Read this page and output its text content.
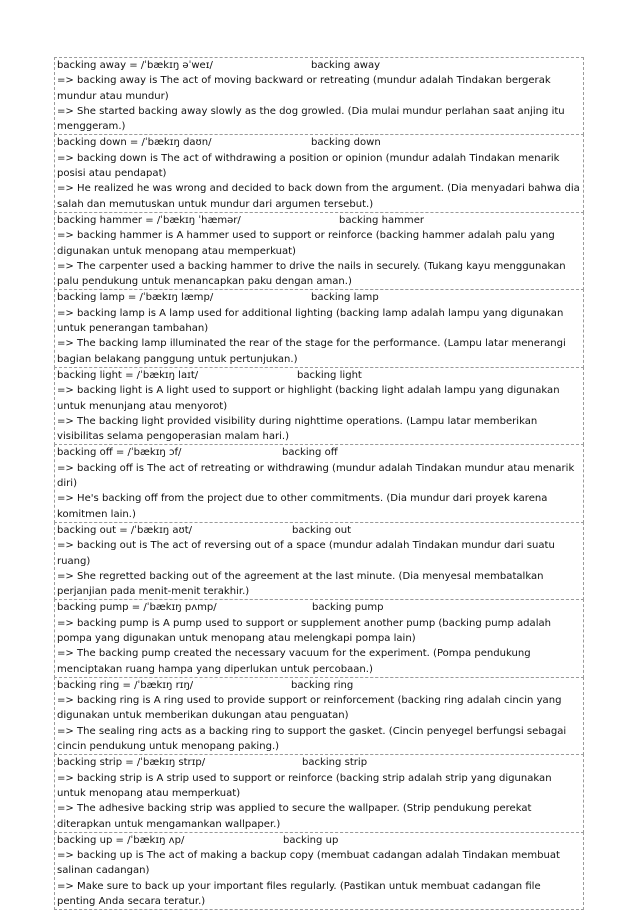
backing away = /ˈbækɪŋ əˈweɪ/	backing away
=> backing away is The act of moving backward or retreating (mundur adalah Tindakan bergerak mundur atau mundur)
=> She started backing away slowly as the dog growled. (Dia mulai mundur perlahan saat anjing itu menggeram.)
backing down = /ˈbækɪŋ daʊn/	backing down
=> backing down is The act of withdrawing a position or opinion (mundur adalah Tindakan menarik posisi atau pendapat)
=> He realized he was wrong and decided to back down from the argument. (Dia menyadari bahwa dia salah dan memutuskan untuk mundur dari argumen tersebut.)
backing hammer = /ˈbækɪŋ ˈhæmər/	backing hammer
=> backing hammer is A hammer used to support or reinforce (backing hammer adalah palu yang digunakan untuk menopang atau memperkuat)
=> The carpenter used a backing hammer to drive the nails in securely. (Tukang kayu menggunakan palu pendukung untuk menancapkan paku dengan aman.)
backing lamp = /ˈbækɪŋ læmp/	backing lamp
=> backing lamp is A lamp used for additional lighting (backing lamp adalah lampu yang digunakan untuk penerangan tambahan)
=> The backing lamp illuminated the rear of the stage for the performance. (Lampu latar menerangi bagian belakang panggung untuk pertunjukan.)
backing light = /ˈbækɪŋ laɪt/	backing light
=> backing light is A light used to support or highlight (backing light adalah lampu yang digunakan untuk menunjang atau menyorot)
=> The backing light provided visibility during nighttime operations. (Lampu latar memberikan visibilitas selama pengoperasian malam hari.)
backing off = /ˈbækɪŋ ɔf/	backing off
=> backing off is The act of retreating or withdrawing (mundur adalah Tindakan mundur atau menarik diri)
=> He's backing off from the project due to other commitments. (Dia mundur dari proyek karena komitmen lain.)
backing out = /ˈbækɪŋ aʊt/	backing out
=> backing out is The act of reversing out of a space (mundur adalah Tindakan mundur dari suatu ruang)
=> She regretted backing out of the agreement at the last minute. (Dia menyesal membatalkan perjanjian pada menit-menit terakhir.)
backing pump = /ˈbækɪŋ pʌmp/	backing pump
=> backing pump is A pump used to support or supplement another pump (backing pump adalah pompa yang digunakan untuk menopang atau melengkapi pompa lain)
=> The backing pump created the necessary vacuum for the experiment. (Pompa pendukung menciptakan ruang hampa yang diperlukan untuk percobaan.)
backing ring = /ˈbækɪŋ rɪŋ/	backing ring
=> backing ring is A ring used to provide support or reinforcement (backing ring adalah cincin yang digunakan untuk memberikan dukungan atau penguatan)
=> The sealing ring acts as a backing ring to support the gasket. (Cincin penyegel berfungsi sebagai cincin pendukung untuk menopang paking.)
backing strip = /ˈbækɪŋ strɪp/	backing strip
=> backing strip is A strip used to support or reinforce (backing strip adalah strip yang digunakan untuk menopang atau memperkuat)
=> The adhesive backing strip was applied to secure the wallpaper. (Strip pendukung perekat diterapkan untuk mengamankan wallpaper.)
backing up = /ˈbækɪŋ ʌp/	backing up
=> backing up is The act of making a backup copy (membuat cadangan adalah Tindakan membuat salinan cadangan)
=> Make sure to back up your important files regularly. (Pastikan untuk membuat cadangan file penting Anda secara teratur.)
